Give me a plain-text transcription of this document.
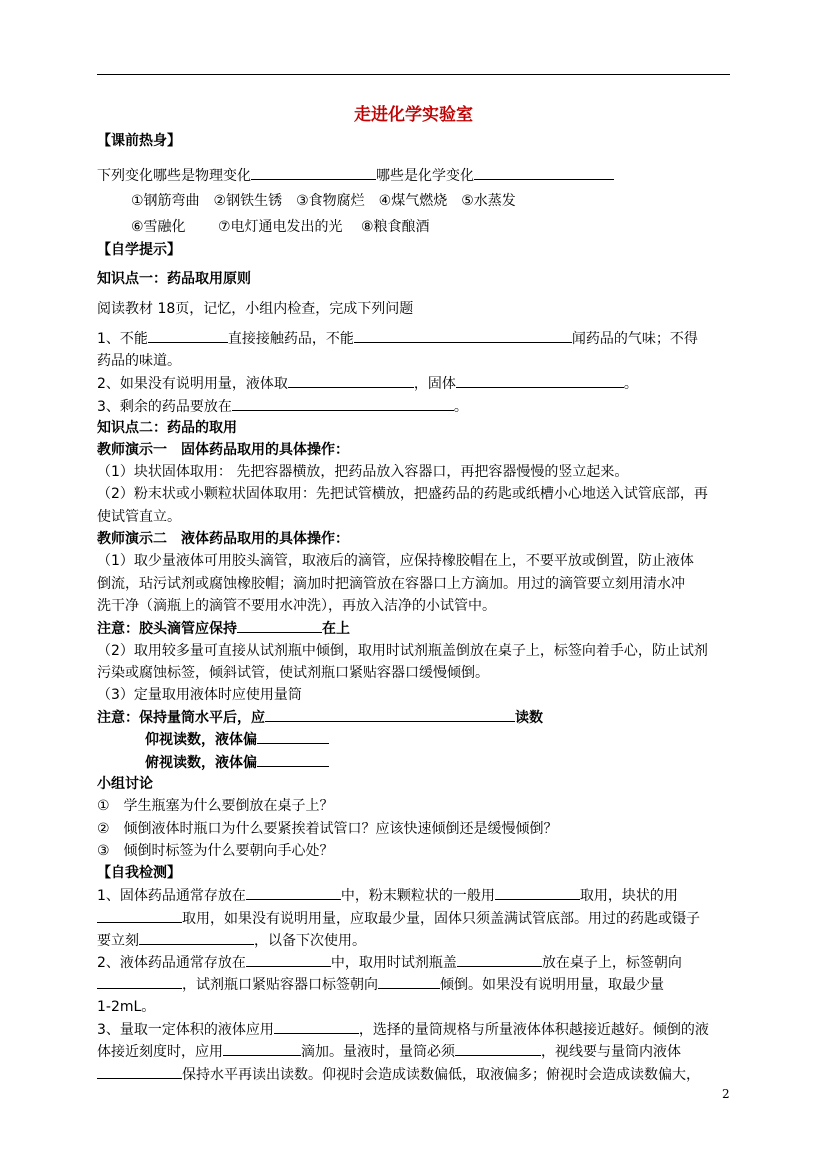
走进化学实验室
【课前热身】
下列变化哪些是物理变化	哪些是化学变化
①钢筋弯曲　②钢铁生锈　③食物腐烂　④煤气燃烧　⑤水蒸发
⑥雪融化　　 ⑦电灯通电发出的光　 ⑧粮食酿酒
【自学提示】
知识点一：药品取用原则
阅读教材 18页，记忆，小组内检查，完成下列问题
1、不能	直接接触药品，不能	闻药品的气味；不得
药品的味道。
2、如果没有说明用量，液体取	，固体	。
3、剩余的药品要放在	。
知识点二：药品的取用
教师演示一　固体药品取用的具体操作：
（1）块状固体取用： 先把容器横放，把药品放入容器口，再把容器慢慢的竖立起来。
（2）粉末状或小颗粒状固体取用：先把试管横放，把盛药品的药匙或纸槽小心地送入试管底部，再
使试管直立。
教师演示二　液体药品取用的具体操作：
（1）取少量液体可用胶头滴管，取液后的滴管，应保持橡胶帽在上，不要平放或倒置，防止液体
倒流，玷污试剂或腐蚀橡胶帽；滴加时把滴管放在容器口上方滴加。用过的滴管要立刻用清水冲
洗干净（滴瓶上的滴管不要用水冲洗），再放入洁净的小试管中。
注意：胶头滴管应保持	在上
（2）取用较多量可直接从试剂瓶中倾倒，取用时试剂瓶盖倒放在桌子上，标签向着手心，防止试剂
污染或腐蚀标签，倾斜试管，使试剂瓶口紧贴容器口缓慢倾倒。
（3）定量取用液体时应使用量筒
注意：保持量筒水平后，应	读数
仰视读数，液体偏
俯视读数，液体偏
小组讨论
①　学生瓶塞为什么要倒放在桌子上？
②　倾倒液体时瓶口为什么要紧挨着试管口？应该快速倾倒还是缓慢倾倒？
③　倾倒时标签为什么要朝向手心处？
【自我检测】
1、固体药品通常存放在	中，粉末颗粒状的一般用	取用，块状的用
取用，如果没有说明用量，应取最少量，固体只须盖满试管底部。用过的药匙或镊子
要立刻	，以备下次使用。
2、液体药品通常存放在	中，取用时试剂瓶盖	放在桌子上，标签朝向
，试剂瓶口紧贴容器口标签朝向	倾倒。如果没有说明用量，取最少量
1-2mL。
3、量取一定体积的液体应用	，选择的量筒规格与所量液体体积越接近越好。倾倒的液
体接近刻度时，应用	滴加。量液时，量筒必须	，视线要与量筒内液体
保持水平再读出读数。仰视时会造成读数偏低，取液偏多；俯视时会造成读数偏大，
2
